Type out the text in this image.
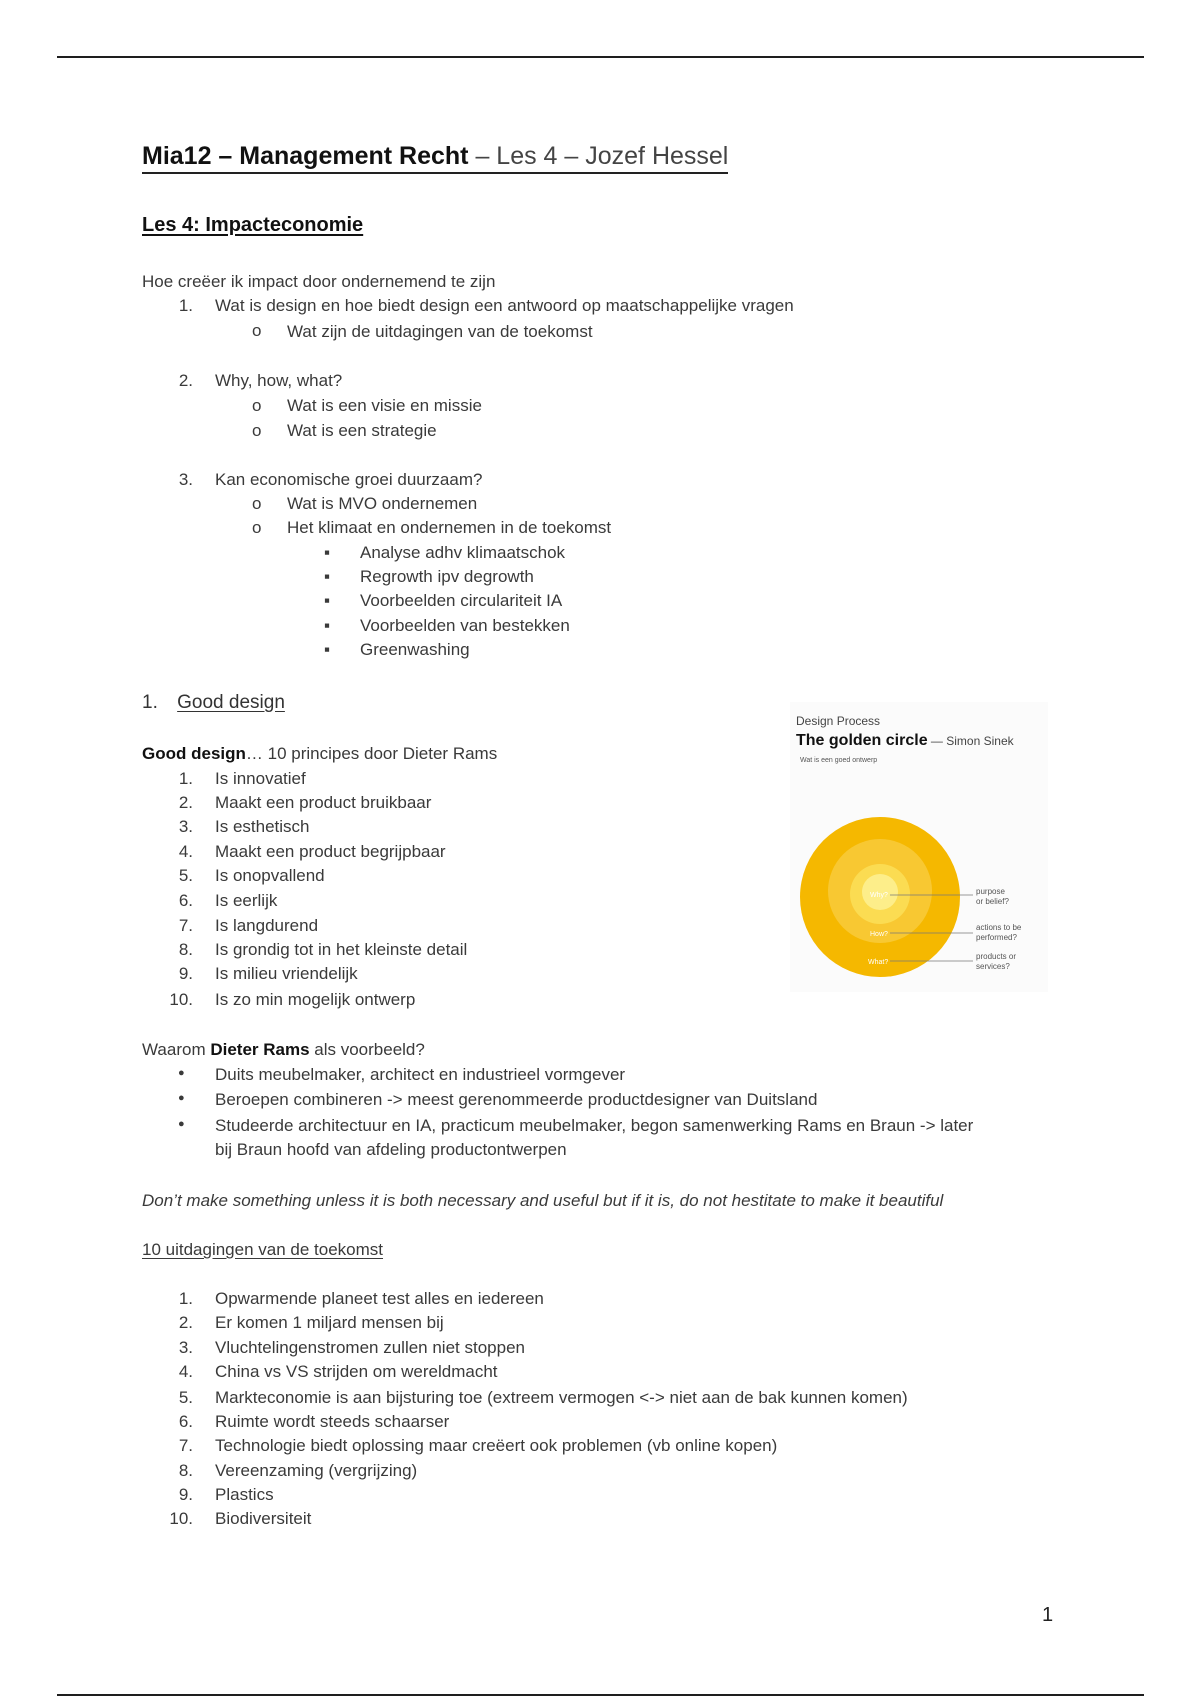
Mia12 – Management Recht – Les 4 – Jozef Hessel
Les 4: Impacteconomie
Hoe creëer ik impact door ondernemend te zijn
1. Wat is design en hoe biedt design een antwoord op maatschappelijke vragen
o Wat zijn de uitdagingen van de toekomst
2. Why, how, what?
o Wat is een visie en missie
o Wat is een strategie
3. Kan economische groei duurzaam?
o Wat is MVO ondernemen
o Het klimaat en ondernemen in de toekomst
▪ Analyse adhv klimaatschok
▪ Regrowth ipv degrowth
▪ Voorbeelden circulariteit IA
▪ Voorbeelden van bestekken
▪ Greenwashing
1. Good design
Good design… 10 principes door Dieter Rams
1. Is innovatief
2. Maakt een product bruikbaar
3. Is esthetisch
4. Maakt een product begrijpbaar
5. Is onopvallend
6. Is eerlijk
7. Is langdurend
8. Is grondig tot in het kleinste detail
9. Is milieu vriendelijk
10. Is zo min mogelijk ontwerp
Design Process
The golden circle — Simon Sinek
Wat is een goed ontwerp
Why?
How?
What?
purpose
or belief?
actions to be
performed?
products or
services?
Waarom Dieter Rams als voorbeeld?
● Duits meubelmaker, architect en industrieel vormgever
● Beroepen combineren -> meest gerenommeerde productdesigner van Duitsland
● Studeerde architectuur en IA, practicum meubelmaker, begon samenwerking Rams en Braun -> later
bij Braun hoofd van afdeling productontwerpen
Don’t make something unless it is both necessary and useful but if it is, do not hestitate to make it beautiful
10 uitdagingen van de toekomst
1. Opwarmende planeet test alles en iedereen
2. Er komen 1 miljard mensen bij
3. Vluchtelingenstromen zullen niet stoppen
4. China vs VS strijden om wereldmacht
5. Markteconomie is aan bijsturing toe (extreem vermogen <-> niet aan de bak kunnen komen)
6. Ruimte wordt steeds schaarser
7. Technologie biedt oplossing maar creëert ook problemen (vb online kopen)
8. Vereenzaming (vergrijzing)
9. Plastics
10. Biodiversiteit
1
